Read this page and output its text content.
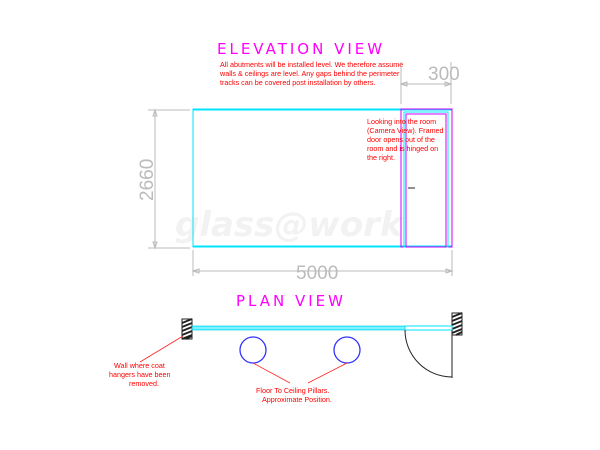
glass@work
ELEVATION VIEW
All abutments will be installed level. We therefore assume
walls & ceilings are level. Any gaps behind the perimeter
tracks can be covered post installation by others.	300
2660
Looking into the room
(Camera View). Framed
door opens out of the
room and is hinged on
the right.
5000
PLAN VIEW
Wall where coat
hangers have been
removed.
Floor To Ceiling Pillars.
Approximate Position.
